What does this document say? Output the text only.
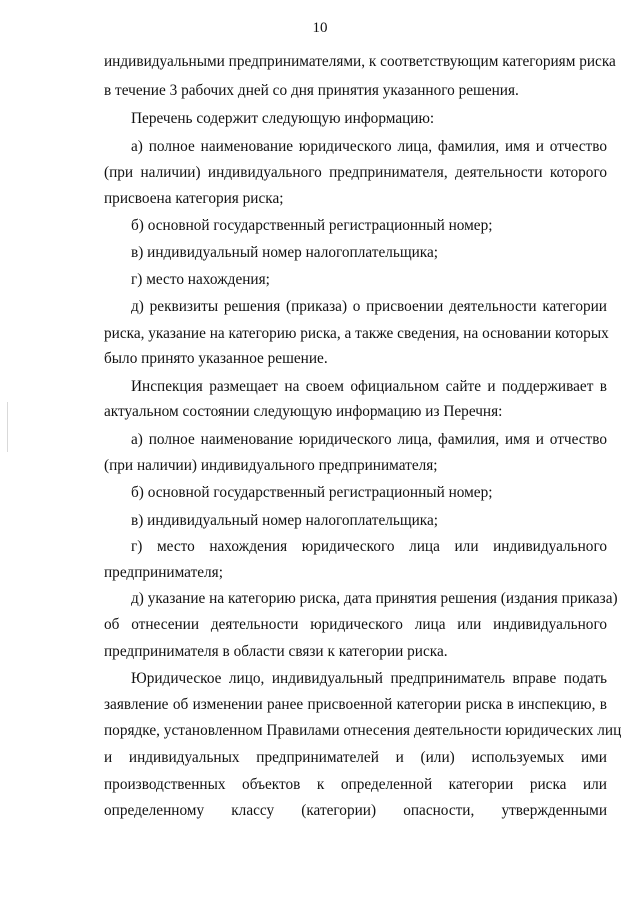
10
индивидуальными предпринимателями, к соответствующим категориям риска
в течение 3 рабочих дней со дня принятия указанного решения.
Перечень содержит следующую информацию:
а) полное наименование юридического лица, фамилия, имя и отчество
(при наличии) индивидуального предпринимателя, деятельности которого
присвоена категория риска;
б) основной государственный регистрационный номер;
в) индивидуальный номер налогоплательщика;
г) место нахождения;
д) реквизиты решения (приказа) о присвоении деятельности категории
риска, указание на категорию риска, а также сведения, на основании которых
было принято указанное решение.
Инспекция размещает на своем официальном сайте и поддерживает в
актуальном состоянии следующую информацию из Перечня:
а) полное наименование юридического лица, фамилия, имя и отчество
(при наличии) индивидуального предпринимателя;
б) основной государственный регистрационный номер;
в) индивидуальный номер налогоплательщика;
г) место нахождения юридического лица или индивидуального
предпринимателя;
д) указание на категорию риска, дата принятия решения (издания приказа)
об отнесении деятельности юридического лица или индивидуального
предпринимателя в области связи к категории риска.
Юридическое лицо, индивидуальный предприниматель вправе подать
заявление об изменении ранее присвоенной категории риска в инспекцию, в
порядке, установленном Правилами отнесения деятельности юридических лиц
и индивидуальных предпринимателей и (или) используемых ими
производственных объектов к определенной категории риска или
определенному классу (категории) опасности, утвержденными
